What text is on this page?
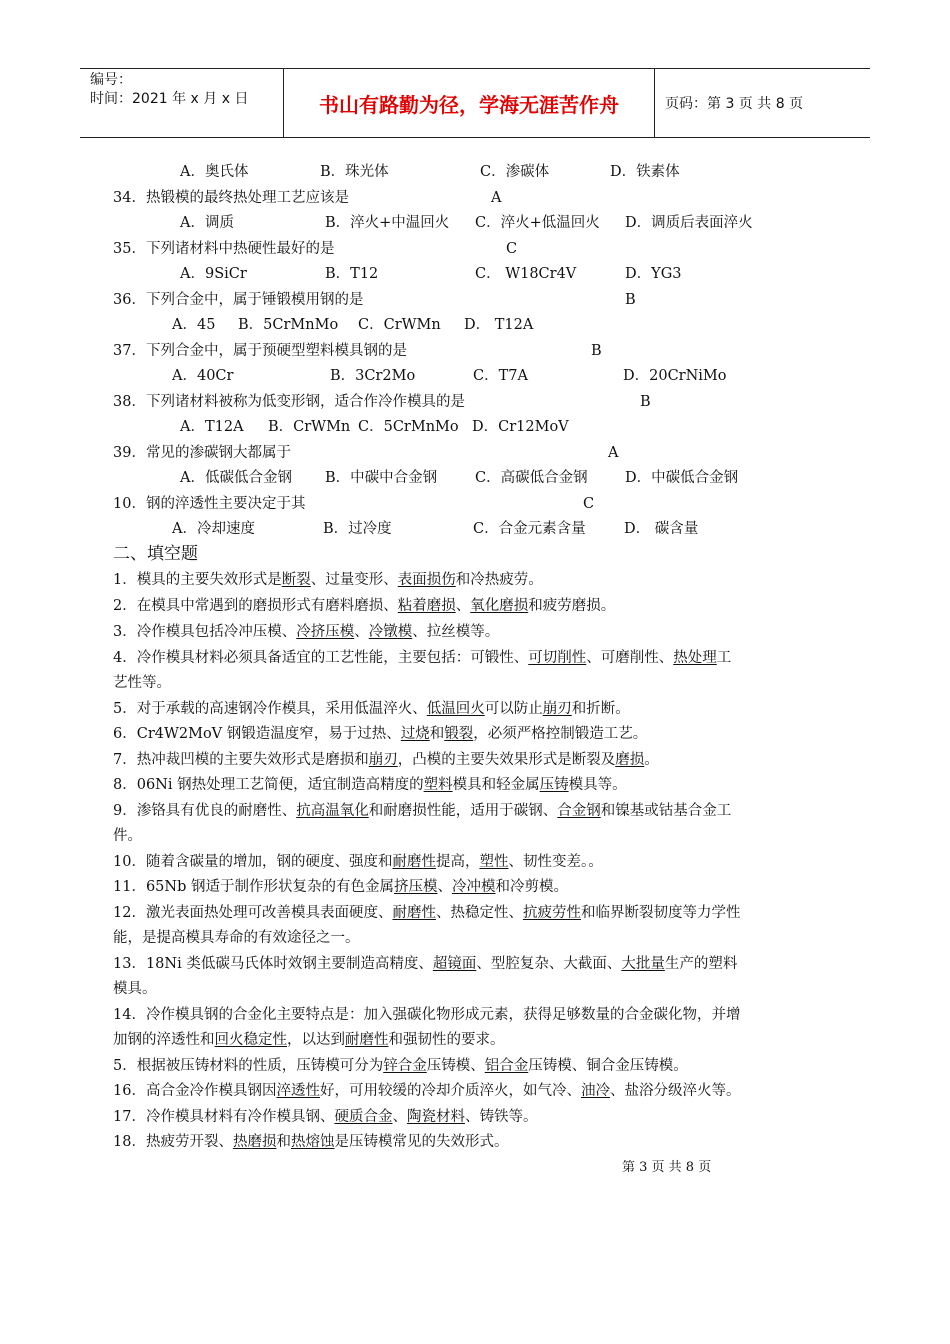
编号：
时间：2021 年 x 月 x 日	书山有路勤为径，学海无涯苦作舟	页码：第 3 页 共 8 页
A．奥氏体	B．珠光体	C．渗碳体	D．铁素体
34．热锻模的最终热处理工艺应该是	A
A．调质	B．淬火+中温回火 C．淬火+低温回火 D．调质后表面淬火
35．下列诸材料中热硬性最好的是	C
A．9SiCr	B．T12	C． W18Cr4V	D．YG3
36．下列合金中，属于锤锻模用钢的是	B
A．45 B．5CrMnMo C．CrWMn D． T12A
37．下列合金中，属于预硬型塑料模具钢的是	B
A．40Cr	B．3Cr2Mo	C．T7A	D．20CrNiMo
38．下列诸材料被称为低变形钢，适合作冷作模具的是	B
A．T12A B．CrWMn C．5CrMnMo D．Cr12MoV
39．常见的渗碳钢大都属于	A
A．低碳低合金钢 B．中碳中合金钢	C．高碳低合金钢	D．中碳低合金钢
10．钢的淬透性主要决定于其	C
A．冷却速度	B．过冷度	C．合金元素含量	D． 碳含量
二、填空题
1．模具的主要失效形式是断裂、过量变形、表面损伤和冷热疲劳。
2．在模具中常遇到的磨损形式有磨料磨损、粘着磨损、氧化磨损和疲劳磨损。
3．冷作模具包括冷冲压模、冷挤压模、冷镦模、拉丝模等。
4．冷作模具材料必须具备适宜的工艺性能，主要包括：可锻性、可切削性、可磨削性、热处理工
艺性等。
5．对于承载的高速钢冷作模具，采用低温淬火、低温回火可以防止崩刃和折断。
6．Cr4W2MoV 钢锻造温度窄，易于过热、过烧和锻裂，必须严格控制锻造工艺。
7．热冲裁凹模的主要失效形式是磨损和崩刃，凸模的主要失效果形式是断裂及磨损。
8．06Ni 钢热处理工艺简便，适宜制造高精度的塑料模具和轻金属压铸模具等。
9．渗铬具有优良的耐磨性、抗高温氧化和耐磨损性能，适用于碳钢、合金钢和镍基或钴基合金工
件。
10．随着含碳量的增加，钢的硬度、强度和耐磨性提高，塑性、韧性变差。。
11．65Nb 钢适于制作形状复杂的有色金属挤压模、冷冲模和冷剪模。
12．激光表面热处理可改善模具表面硬度、耐磨性、热稳定性、抗疲劳性和临界断裂韧度等力学性
能，是提高模具寿命的有效途径之一。
13．18Ni 类低碳马氏体时效钢主要制造高精度、超镜面、型腔复杂、大截面、大批量生产的塑料
模具。
14．冷作模具钢的合金化主要特点是：加入强碳化物形成元素，获得足够数量的合金碳化物，并增
加钢的淬透性和回火稳定性，以达到耐磨性和强韧性的要求。
5．根据被压铸材料的性质，压铸模可分为锌合金压铸模、铝合金压铸模、铜合金压铸模。
16．高合金冷作模具钢因淬透性好，可用较缓的冷却介质淬火，如气冷、油冷、盐浴分级淬火等。
17．冷作模具材料有冷作模具钢、硬质合金、陶瓷材料、铸铁等。
18．热疲劳开裂、热磨损和热熔蚀是压铸模常见的失效形式。
第 3 页 共 8 页
